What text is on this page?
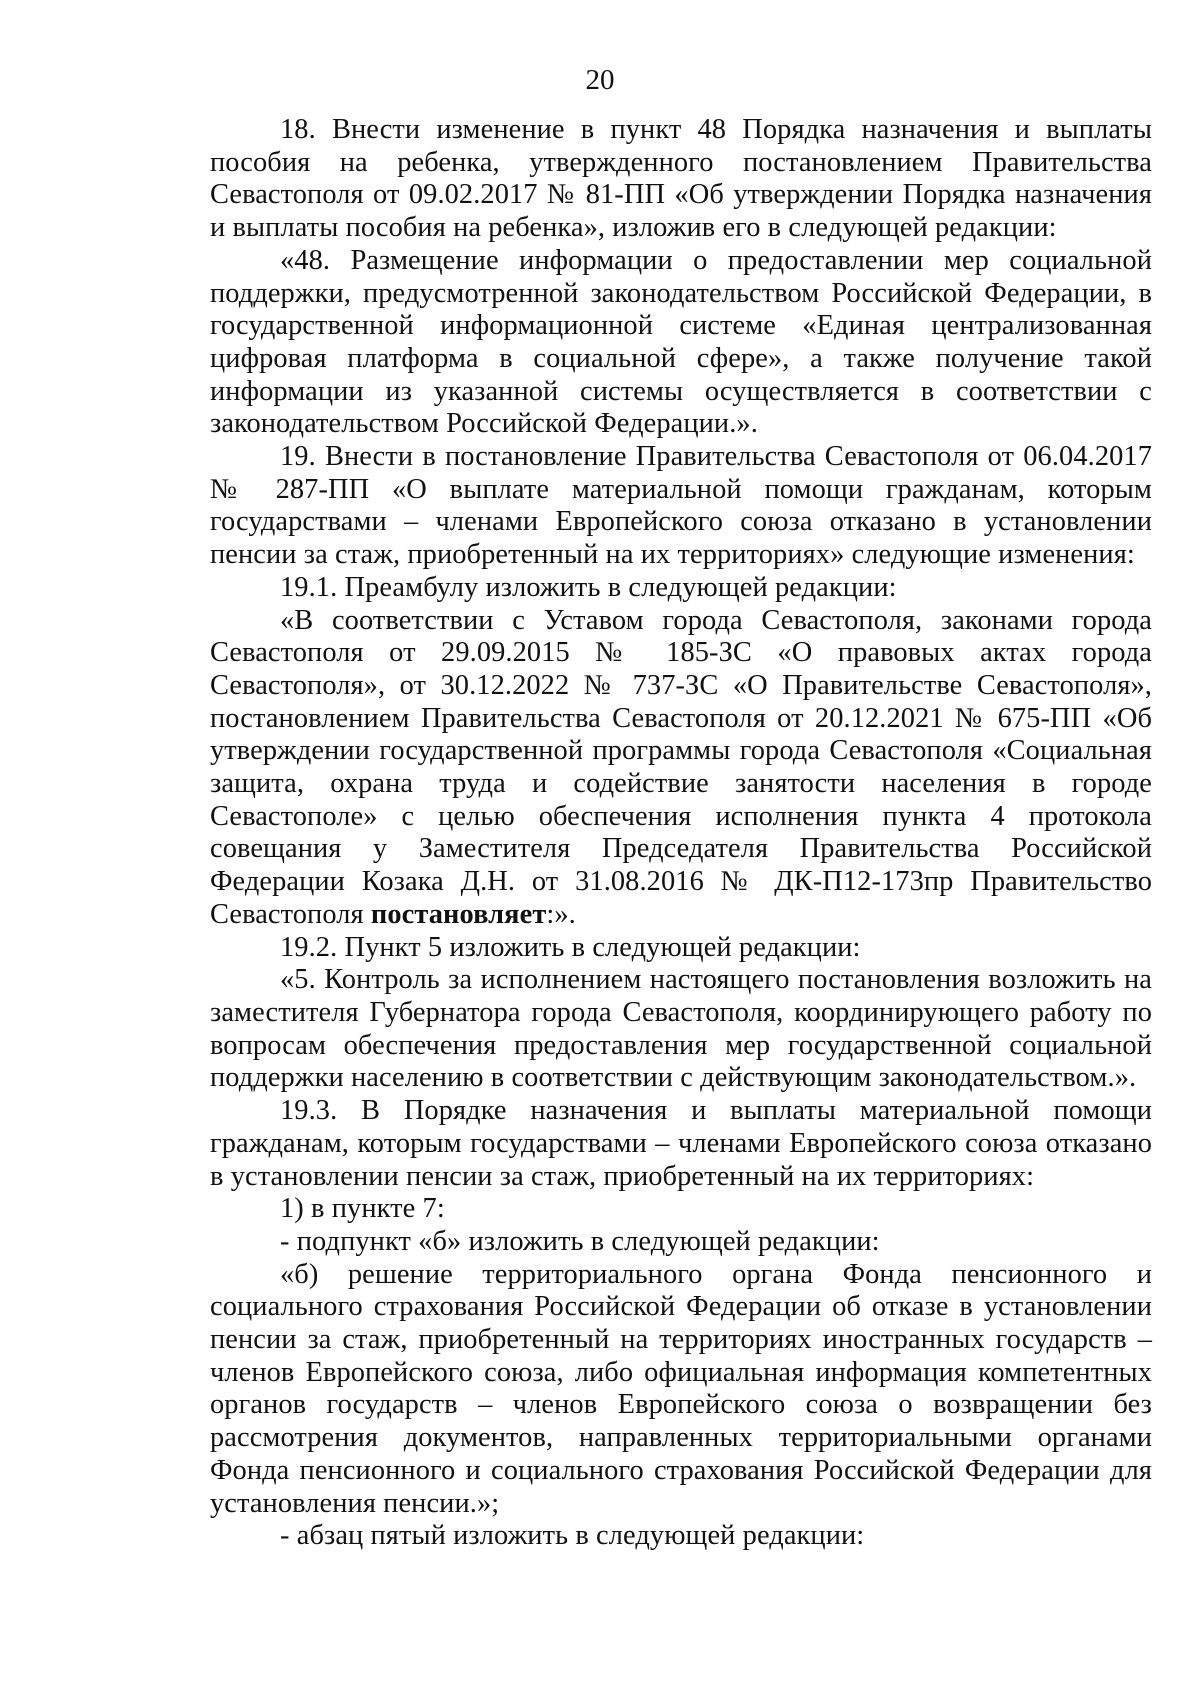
20

18. Внести изменение в пункт 48 Порядка назначения и выплаты пособия на ребенка, утвержденного постановлением Правительства Севастополя от 09.02.2017 № 81-ПП «Об утверждении Порядка назначения и выплаты пособия на ребенка», изложив его в следующей редакции:

«48. Размещение информации о предоставлении мер социальной поддержки, предусмотренной законодательством Российской Федерации, в государственной информационной системе «Единая централизованная цифровая платформа в социальной сфере», а также получение такой информации из указанной системы осуществляется в соответствии с законодательством Российской Федерации.».

19. Внести в постановление Правительства Севастополя от 06.04.2017 № 287-ПП «О выплате материальной помощи гражданам, которым государствами – членами Европейского союза отказано в установлении пенсии за стаж, приобретенный на их территориях» следующие изменения:

19.1. Преамбулу изложить в следующей редакции:

«В соответствии с Уставом города Севастополя, законами города Севастополя от 29.09.2015 № 185-ЗС «О правовых актах города Севастополя», от 30.12.2022 № 737-ЗС «О Правительстве Севастополя», постановлением Правительства Севастополя от 20.12.2021 № 675-ПП «Об утверждении государственной программы города Севастополя «Социальная защита, охрана труда и содействие занятости населения в городе Севастополе» с целью обеспечения исполнения пункта 4 протокола совещания у Заместителя Председателя Правительства Российской Федерации Козака Д.Н. от 31.08.2016 № ДК-П12-173пр Правительство Севастополя постановляет:».

19.2. Пункт 5 изложить в следующей редакции:

«5. Контроль за исполнением настоящего постановления возложить на заместителя Губернатора города Севастополя, координирующего работу по вопросам обеспечения предоставления мер государственной социальной поддержки населению в соответствии с действующим законодательством.».

19.3. В Порядке назначения и выплаты материальной помощи гражданам, которым государствами – членами Европейского союза отказано в установлении пенсии за стаж, приобретенный на их территориях:

1) в пункте 7:

- подпункт «б» изложить в следующей редакции:

«б) решение территориального органа Фонда пенсионного и социального страхования Российской Федерации об отказе в установлении пенсии за стаж, приобретенный на территориях иностранных государств – членов Европейского союза, либо официальная информация компетентных органов государств – членов Европейского союза о возвращении без рассмотрения документов, направленных территориальными органами Фонда пенсионного и социального страхования Российской Федерации для установления пенсии.»;

- абзац пятый изложить в следующей редакции:
